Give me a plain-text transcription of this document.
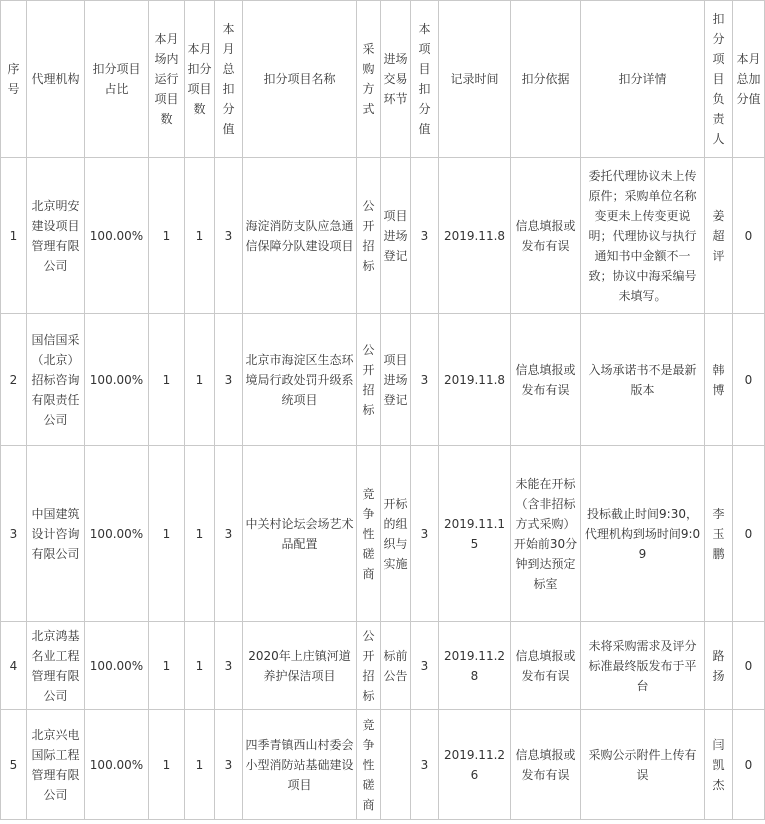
序号	代理机构	扣分项目占比	本月场内运行项目数	本月扣分项目数	本月总扣分值	扣分项目名称	采购方式	进场交易环节	本项目扣分值	记录时间	扣分依据	扣分详情	扣分项目负责人	本月总加分值
1	北京明安建设项目管理有限公司	100.00%	1	1	3	海淀消防支队应急通信保障分队建设项目	公开招标	项目进场登记	3	2019.11.8	信息填报或发布有误	委托代理协议未上传原件；采购单位名称变更未上传变更说明；代理协议与执行通知书中金额不一致；协议中海采编号未填写。	姜超评	0
2	国信国采（北京）招标咨询有限责任公司	100.00%	1	1	3	北京市海淀区生态环境局行政处罚升级系统项目	公开招标	项目进场登记	3	2019.11.8	信息填报或发布有误	入场承诺书不是最新版本	韩博	0
3	中国建筑设计咨询有限公司	100.00%	1	1	3	中关村论坛会场艺术品配置	竞争性磋商	开标的组织与实施	3	2019.11.15	未能在开标（含非招标方式采购）开始前30分钟到达预定标室	投标截止时间9:30，代理机构到场时间9:09	李玉鹏	0
4	北京鸿基名业工程管理有限公司	100.00%	1	1	3	2020年上庄镇河道养护保洁项目	公开招标	标前公告	3	2019.11.28	信息填报或发布有误	未将采购需求及评分标准最终版发布于平台	路扬	0
5	北京兴电国际工程管理有限公司	100.00%	1	1	3	四季青镇西山村委会小型消防站基础建设项目	竞争性磋商		3	2019.11.26	信息填报或发布有误	采购公示附件上传有误	闫凯杰	0
